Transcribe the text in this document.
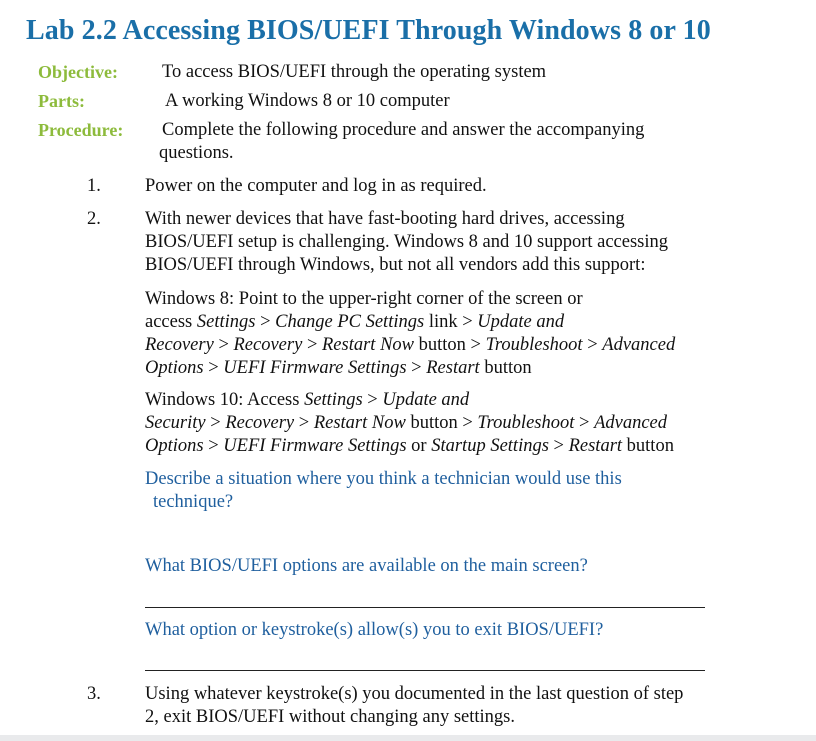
Lab 2.2 Accessing BIOS/UEFI Through Windows 8 or 10
Objective: To access BIOS/UEFI through the operating system
Parts:	A working Windows 8 or 10 computer
Procedure: Complete the following procedure and answer the accompanying
questions.
1. Power on the computer and log in as required.
2. With newer devices that have fast-booting hard drives, accessing
BIOS/UEFI setup is challenging. Windows 8 and 10 support accessing
BIOS/UEFI through Windows, but not all vendors add this support:
Windows 8: Point to the upper-right corner of the screen or
access Settings > Change PC Settings link > Update and
Recovery > Recovery > Restart Now button > Troubleshoot > Advanced
Options > UEFI Firmware Settings > Restart button
Windows 10: Access Settings > Update and
Security > Recovery > Restart Now button > Troubleshoot > Advanced
Options > UEFI Firmware Settings or Startup Settings > Restart button
Describe a situation where you think a technician would use this
technique?
What BIOS/UEFI options are available on the main screen?
What option or keystroke(s) allow(s) you to exit BIOS/UEFI?
3. Using whatever keystroke(s) you documented in the last question of step
2, exit BIOS/UEFI without changing any settings.
